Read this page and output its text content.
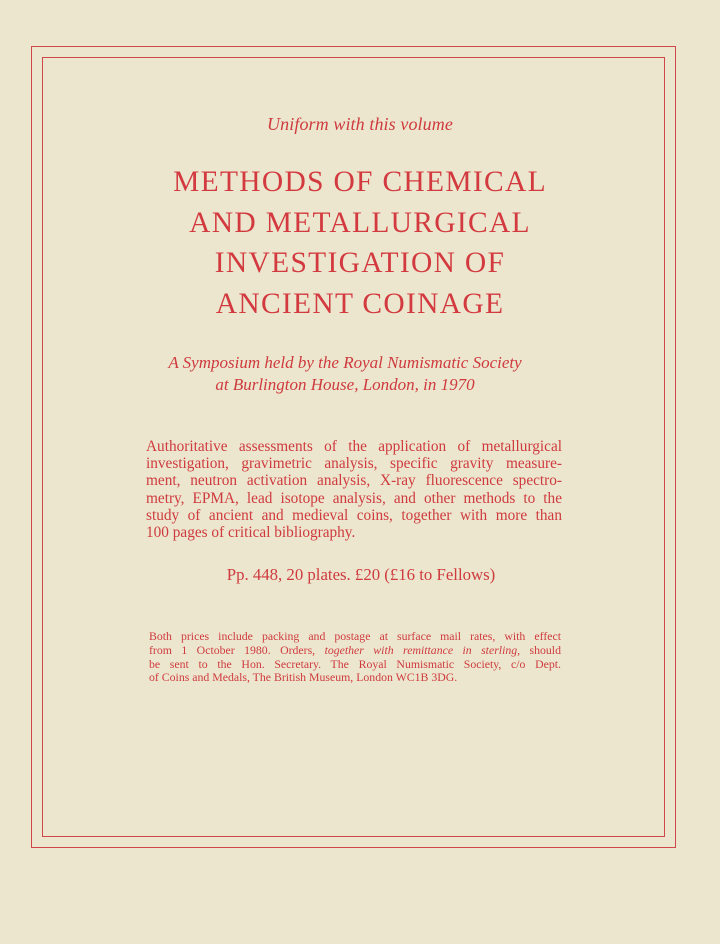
Uniform with this volume
METHODS OF CHEMICAL
AND METALLURGICAL
INVESTIGATION OF
ANCIENT COINAGE
A Symposium held by the Royal Numismatic Society
at Burlington House, London, in 1970
Authoritative assessments of the application of metallurgical
investigation, gravimetric analysis, specific gravity measure-
ment, neutron activation analysis, X-ray fluorescence spectro-
metry, EPMA, lead isotope analysis, and other methods to the
study of ancient and medieval coins, together with more than
100 pages of critical bibliography.
Pp. 448, 20 plates. £20 (£16 to Fellows)
Both prices include packing and postage at surface mail rates, with effect
from 1 October 1980. Orders, together with remittance in sterling, should
be sent to the Hon. Secretary. The Royal Numismatic Society, c/o Dept.
of Coins and Medals, The British Museum, London WC1B 3DG.
